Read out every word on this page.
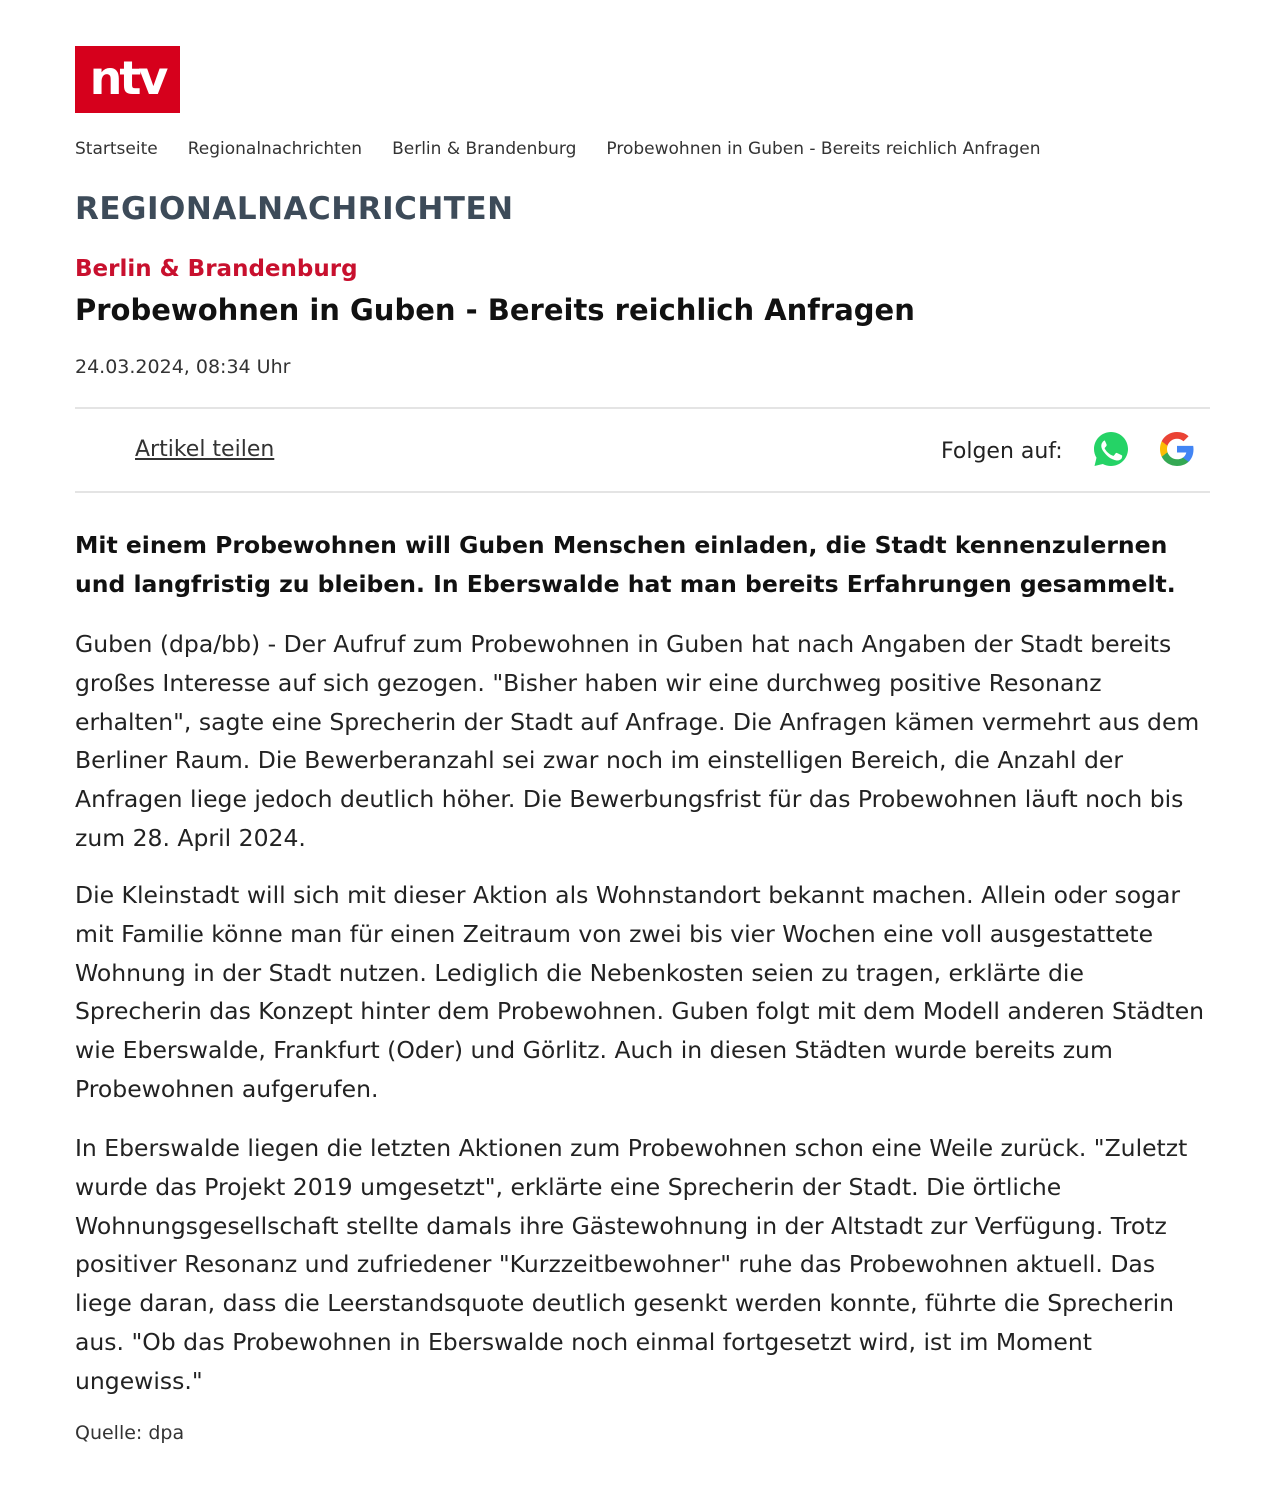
ntv
Startseite Regionalnachrichten Berlin & Brandenburg Probewohnen in Guben - Bereits reichlich Anfragen
REGIONALNACHRICHTEN
Berlin & Brandenburg
Probewohnen in Guben - Bereits reichlich Anfragen
24.03.2024, 08:34 Uhr
Artikel teilen	Folgen auf:

Mit einem Probewohnen will Guben Menschen einladen, die Stadt kennenzulernen und langfristig zu bleiben. In Eberswalde hat man bereits Erfahrungen gesammelt.

Guben (dpa/bb) - Der Aufruf zum Probewohnen in Guben hat nach Angaben der Stadt bereits großes Interesse auf sich gezogen. "Bisher haben wir eine durchweg positive Resonanz erhalten", sagte eine Sprecherin der Stadt auf Anfrage. Die Anfragen kämen vermehrt aus dem Berliner Raum. Die Bewerberanzahl sei zwar noch im einstelligen Bereich, die Anzahl der Anfragen liege jedoch deutlich höher. Die Bewerbungsfrist für das Probewohnen läuft noch bis zum 28. April 2024.

Die Kleinstadt will sich mit dieser Aktion als Wohnstandort bekannt machen. Allein oder sogar mit Familie könne man für einen Zeitraum von zwei bis vier Wochen eine voll ausgestattete Wohnung in der Stadt nutzen. Lediglich die Nebenkosten seien zu tragen, erklärte die Sprecherin das Konzept hinter dem Probewohnen. Guben folgt mit dem Modell anderen Städten wie Eberswalde, Frankfurt (Oder) und Görlitz. Auch in diesen Städten wurde bereits zum Probewohnen aufgerufen.

In Eberswalde liegen die letzten Aktionen zum Probewohnen schon eine Weile zurück. "Zuletzt wurde das Projekt 2019 umgesetzt", erklärte eine Sprecherin der Stadt. Die örtliche Wohnungsgesellschaft stellte damals ihre Gästewohnung in der Altstadt zur Verfügung. Trotz positiver Resonanz und zufriedener "Kurzzeitbewohner" ruhe das Probewohnen aktuell. Das liege daran, dass die Leerstandsquote deutlich gesenkt werden konnte, führte die Sprecherin aus. "Ob das Probewohnen in Eberswalde noch einmal fortgesetzt wird, ist im Moment ungewiss."

Quelle: dpa
